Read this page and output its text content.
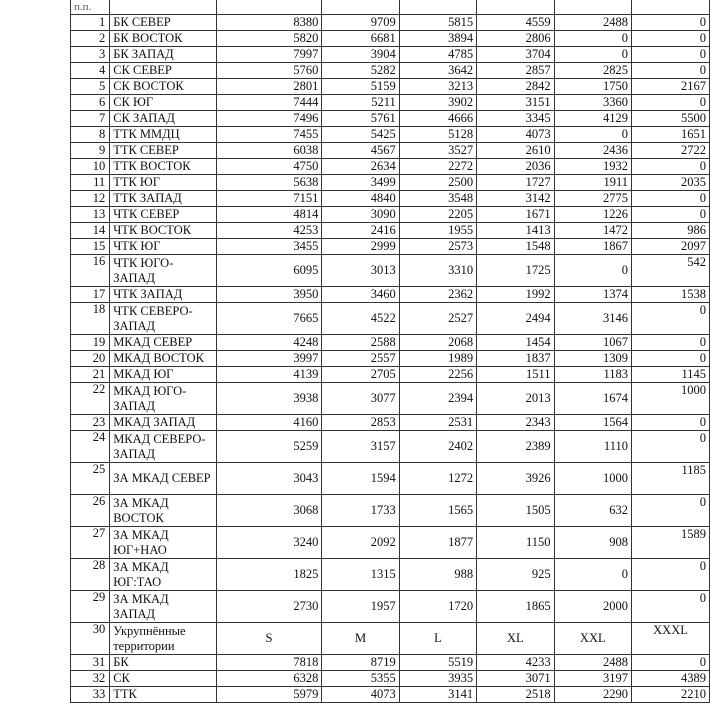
п.п.							
1	БК СЕВЕР	8380	9709	5815	4559	2488	0
2	БК ВОСТОК	5820	6681	3894	2806	0	0
3	БК ЗАПАД	7997	3904	4785	3704	0	0
4	СК СЕВЕР	5760	5282	3642	2857	2825	0
5	СК ВОСТОК	2801	5159	3213	2842	1750	2167
6	СК ЮГ	7444	5211	3902	3151	3360	0
7	СК ЗАПАД	7496	5761	4666	3345	4129	5500
8	ТТК ММДЦ	7455	5425	5128	4073	0	1651
9	ТТК СЕВЕР	6038	4567	3527	2610	2436	2722
10	ТТК ВОСТОК	4750	2634	2272	2036	1932	0
11	ТТК ЮГ	5638	3499	2500	1727	1911	2035
12	ТТК ЗАПАД	7151	4840	3548	3142	2775	0
13	ЧТК СЕВЕР	4814	3090	2205	1671	1226	0
14	ЧТК ВОСТОК	4253	2416	1955	1413	1472	986
15	ЧТК ЮГ	3455	2999	2573	1548	1867	2097
16	ЧТК ЮГО-ЗАПАД	6095	3013	3310	1725	0	542
17	ЧТК ЗАПАД	3950	3460	2362	1992	1374	1538
18	ЧТК СЕВЕРО-ЗАПАД	7665	4522	2527	2494	3146	0
19	МКАД СЕВЕР	4248	2588	2068	1454	1067	0
20	МКАД ВОСТОК	3997	2557	1989	1837	1309	0
21	МКАД ЮГ	4139	2705	2256	1511	1183	1145
22	МКАД ЮГО-ЗАПАД	3938	3077	2394	2013	1674	1000
23	МКАД ЗАПАД	4160	2853	2531	2343	1564	0
24	МКАД СЕВЕРО-ЗАПАД	5259	3157	2402	2389	1110	0
25	ЗА МКАД СЕВЕР	3043	1594	1272	3926	1000	1185
26	ЗА МКАД ВОСТОК	3068	1733	1565	1505	632	0
27	ЗА МКАД ЮГ+НАО	3240	2092	1877	1150	908	1589
28	ЗА МКАД ЮГ:ТАО	1825	1315	988	925	0	0
29	ЗА МКАД ЗАПАД	2730	1957	1720	1865	2000	0
30	Укрупнённые территории	S	M	L	XL	XXL	XXXL
31	БК	7818	8719	5519	4233	2488	0
32	СК	6328	5355	3935	3071	3197	4389
33	ТТК	5979	4073	3141	2518	2290	2210
